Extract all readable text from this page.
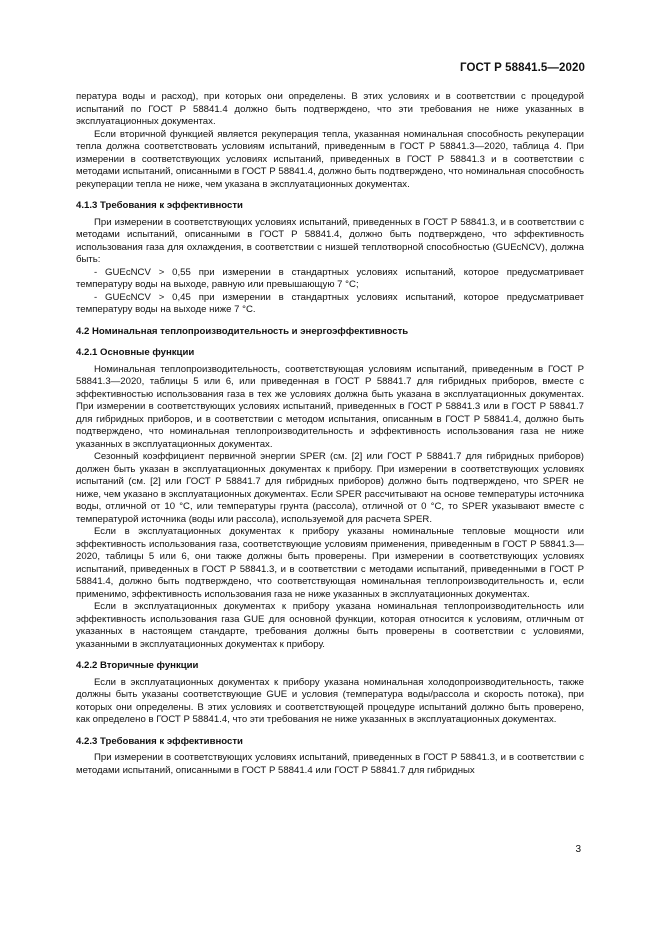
ГОСТ Р 58841.5—2020

пература воды и расход), при которых они определены. В этих условиях и в соответствии с процедурой испытаний по ГОСТ Р 58841.4 должно быть подтверждено, что эти требования не ниже указанных в эксплуатационных документах.

Если вторичной функцией является рекуперация тепла, указанная номинальная способность рекуперации тепла должна соответствовать условиям испытаний, приведенным в ГОСТ Р 58841.3—2020, таблица 4. При измерении в соответствующих условиях испытаний, приведенных в ГОСТ Р 58841.3 и в соответствии с методами испытаний, описанными в ГОСТ Р 58841.4, должно быть подтверждено, что номинальная способность рекуперации тепла не ниже, чем указана в эксплуатационных документах.

4.1.3 Требования к эффективности

При измерении в соответствующих условиях испытаний, приведенных в ГОСТ Р 58841.3, и в соответствии с методами испытаний, описанными в ГОСТ Р 58841.4, должно быть подтверждено, что эффективность использования газа для охлаждения, в соответствии с низшей теплотворной способностью (GUEcNCV), должна быть:

- GUEcNCV > 0,55 при измерении в стандартных условиях испытаний, которое предусматривает температуру воды на выходе, равную или превышающую 7 °C;

- GUEcNCV > 0,45 при измерении в стандартных условиях испытаний, которое предусматривает температуру воды на выходе ниже 7 °C.

4.2 Номинальная теплопроизводительность и энергоэффективность

4.2.1 Основные функции

Номинальная теплопроизводительность, соответствующая условиям испытаний, приведенным в ГОСТ Р 58841.3—2020, таблицы 5 или 6, или приведенная в ГОСТ Р 58841.7 для гибридных приборов, вместе с эффективностью использования газа в тех же условиях должна быть указана в эксплуатационных документах. При измерении в соответствующих условиях испытаний, приведенных в ГОСТ Р 58841.3 или в ГОСТ Р 58841.7 для гибридных приборов, и в соответствии с методом испытания, описанным в ГОСТ Р 58841.4, должно быть подтверждено, что номинальная теплопроизводительность и эффективность использования газа не ниже указанных в эксплуатационных документах.

Сезонный коэффициент первичной энергии SPER (см. [2] или ГОСТ Р 58841.7 для гибридных приборов) должен быть указан в эксплуатационных документах к прибору. При измерении в соответствующих условиях испытаний (см. [2] или ГОСТ Р 58841.7 для гибридных приборов) должно быть подтверждено, что SPER не ниже, чем указано в эксплуатационных документах. Если SPER рассчитывают на основе температуры источника воды, отличной от 10 °C, или температуры грунта (рассола), отличной от 0 °C, то SPER указывают вместе с температурой источника (воды или рассола), используемой для расчета SPER.

Если в эксплуатационных документах к прибору указаны номинальные тепловые мощности или эффективность использования газа, соответствующие условиям применения, приведенным в ГОСТ Р 58841.3—2020, таблицы 5 или 6, они также должны быть проверены. При измерении в соответствующих условиях испытаний, приведенных в ГОСТ Р 58841.3, и в соответствии с методами испытаний, приведенными в ГОСТ Р 58841.4, должно быть подтверждено, что соответствующая номинальная теплопроизводительность и, если применимо, эффективность использования газа не ниже указанных в эксплуатационных документах.

Если в эксплуатационных документах к прибору указана номинальная теплопроизводительность или эффективность использования газа GUE для основной функции, которая относится к условиям, отличным от указанных в настоящем стандарте, требования должны быть проверены в соответствии с условиями, указанными в эксплуатационных документах к прибору.

4.2.2 Вторичные функции

Если в эксплуатационных документах к прибору указана номинальная холодопроизводительность, также должны быть указаны соответствующие GUE и условия (температура воды/рассола и скорость потока), при которых они определены. В этих условиях и соответствующей процедуре испытаний должно быть проверено, как определено в ГОСТ Р 58841.4, что эти требования не ниже указанных в эксплуатационных документах.

4.2.3 Требования к эффективности

При измерении в соответствующих условиях испытаний, приведенных в ГОСТ Р 58841.3, и в соответствии с методами испытаний, описанными в ГОСТ Р 58841.4 или ГОСТ Р 58841.7 для гибридных

3
